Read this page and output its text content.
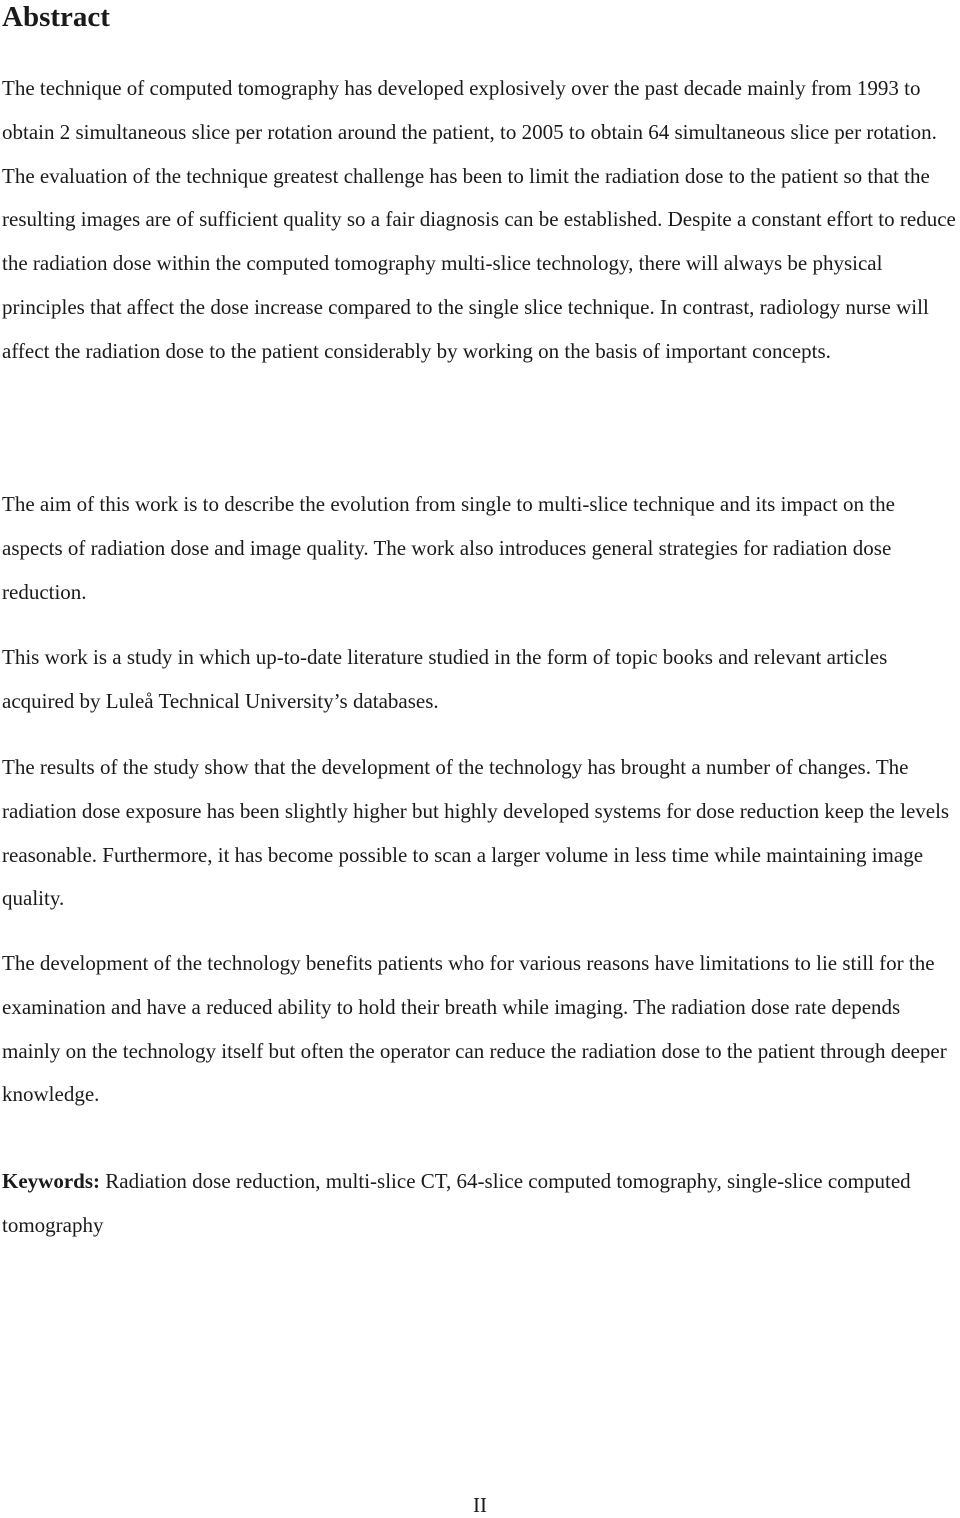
Abstract

The technique of computed tomography has developed explosively over the past decade mainly from 1993 to obtain 2 simultaneous slice per rotation around the patient, to 2005 to obtain 64 simultaneous slice per rotation. The evaluation of the technique greatest challenge has been to limit the radiation dose to the patient so that the resulting images are of sufficient quality so a fair diagnosis can be established. Despite a constant effort to reduce the radiation dose within the computed tomography multi-slice technology, there will always be physical principles that affect the dose increase compared to the single slice technique. In contrast, radiology nurse will affect the radiation dose to the patient considerably by working on the basis of important concepts.

The aim of this work is to describe the evolution from single to multi-slice technique and its impact on the aspects of radiation dose and image quality. The work also introduces general strategies for radiation dose reduction.

This work is a study in which up-to-date literature studied in the form of topic books and relevant articles acquired by Luleå Technical University’s databases.

The results of the study show that the development of the technology has brought a number of changes. The radiation dose exposure has been slightly higher but highly developed systems for dose reduction keep the levels reasonable. Furthermore, it has become possible to scan a larger volume in less time while maintaining image quality.

The development of the technology benefits patients who for various reasons have limitations to lie still for the examination and have a reduced ability to hold their breath while imaging. The radiation dose rate depends mainly on the technology itself but often the operator can reduce the radiation dose to the patient through deeper knowledge.

Keywords: Radiation dose reduction, multi-slice CT, 64-slice computed tomography, single-slice computed tomography

II
